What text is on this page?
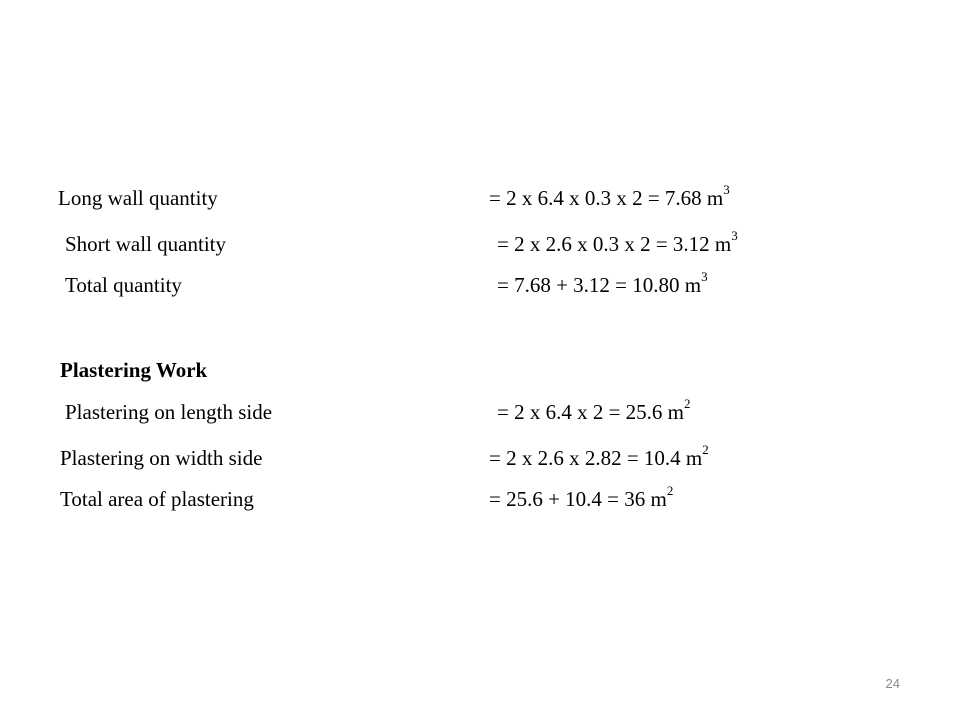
Long wall quantity	= 2 x 6.4 x 0.3 x 2 = 7.68 $m^3$
Short wall quantity	= 2 x 2.6 x 0.3 x 2 = 3.12 $m^3$
Total quantity	= 7.68 + 3.12 = 10.80 $m^3$
Plastering Work
Plastering on length side	= 2 x 6.4 x 2 = 25.6 $m^2$
Plastering on width side	= 2 x 2.6 x 2.82 = 10.4 $m^2$
Total area of plastering	= 25.6 + 10.4 = 36 $m^2$
24
